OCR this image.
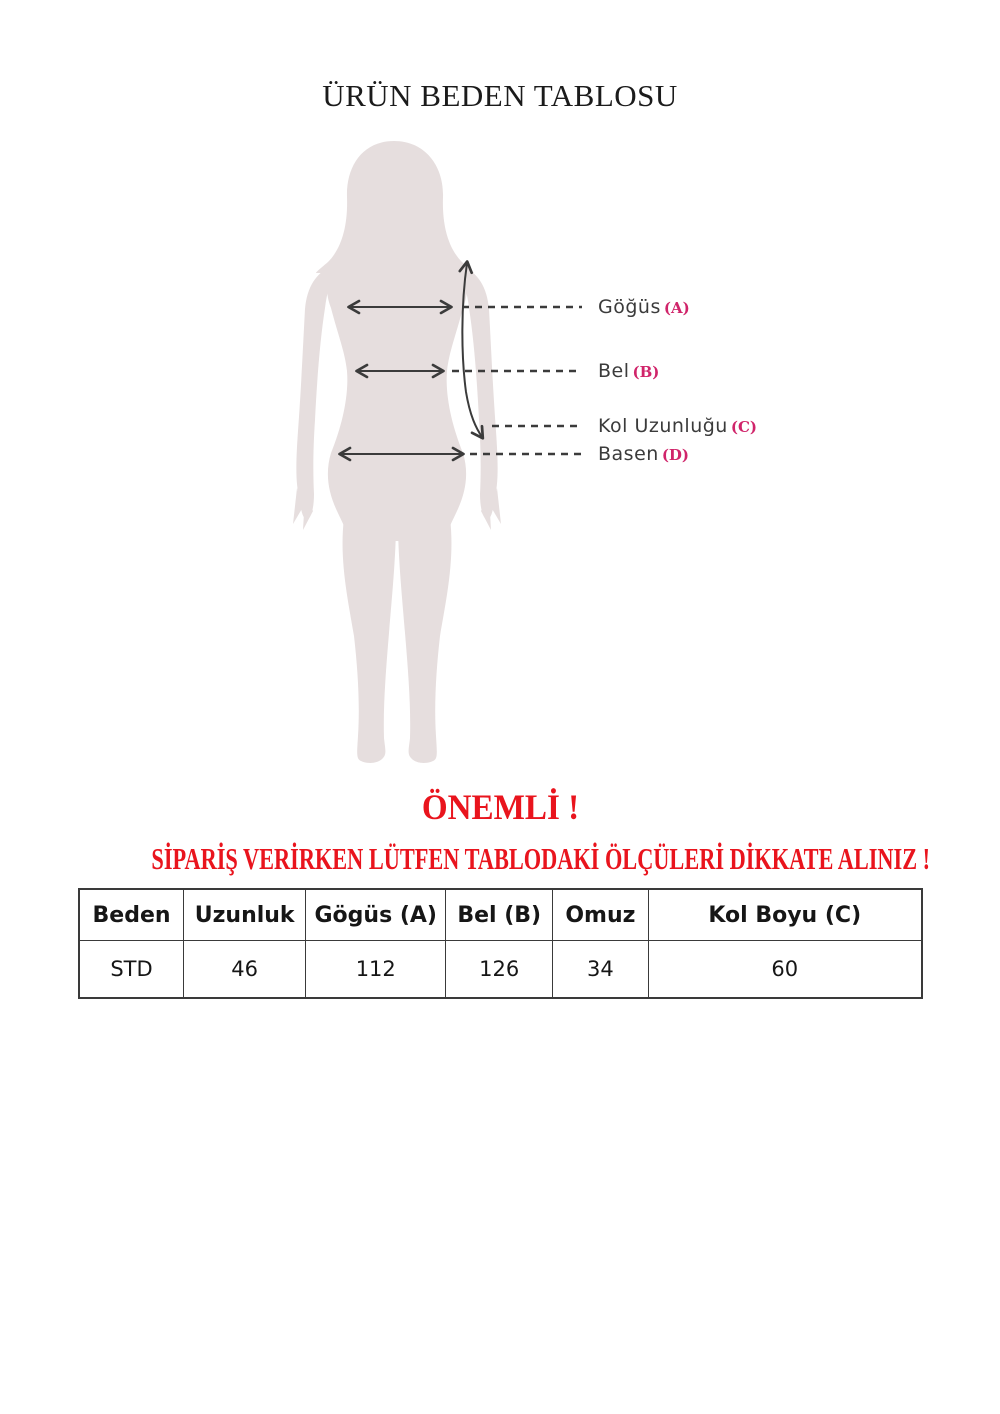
ÜRÜN BEDEN TABLOSU
Göğüs (A)
Bel (B)
Kol Uzunluğu (C)
Basen (D)
ÖNEMLİ !
SİPARİŞ VERİRKEN LÜTFEN TABLODAKİ ÖLÇÜLERİ DİKKATE ALINIZ !
Beden	Uzunluk	Gögüs (A)	Bel (B)	Omuz	Kol Boyu (C)
STD	46	112	126	34	60
